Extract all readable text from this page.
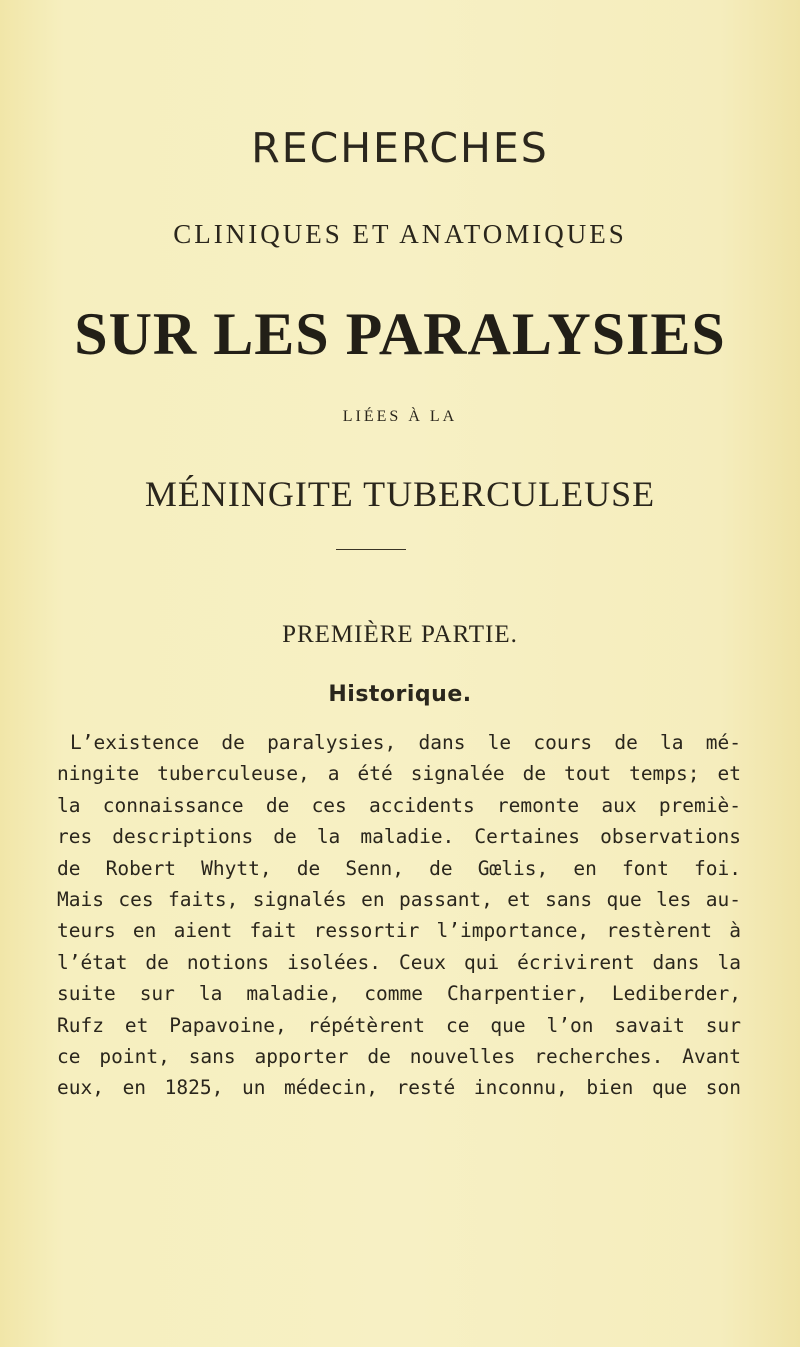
RECHERCHES
CLINIQUES ET ANATOMIQUES
SUR LES PARALYSIES
LIÉES À LA
MÉNINGITE TUBERCULEUSE
PREMIÈRE PARTIE.
Historique.
L’existence de paralysies, dans le cours de la mé-
ningite tuberculeuse, a été signalée de tout temps; et
la connaissance de ces accidents remonte aux premiè-
res descriptions de la maladie. Certaines observations
de Robert Whytt, de Senn, de Gœlis, en font foi.
Mais ces faits, signalés en passant, et sans que les au-
teurs en aient fait ressortir l’importance, restèrent à
l’état de notions isolées. Ceux qui écrivirent dans la
suite sur la maladie, comme Charpentier, Lediberder,
Rufz et Papavoine, répétèrent ce que l’on savait sur
ce point, sans apporter de nouvelles recherches. Avant
eux, en 1825, un médecin, resté inconnu, bien que son
